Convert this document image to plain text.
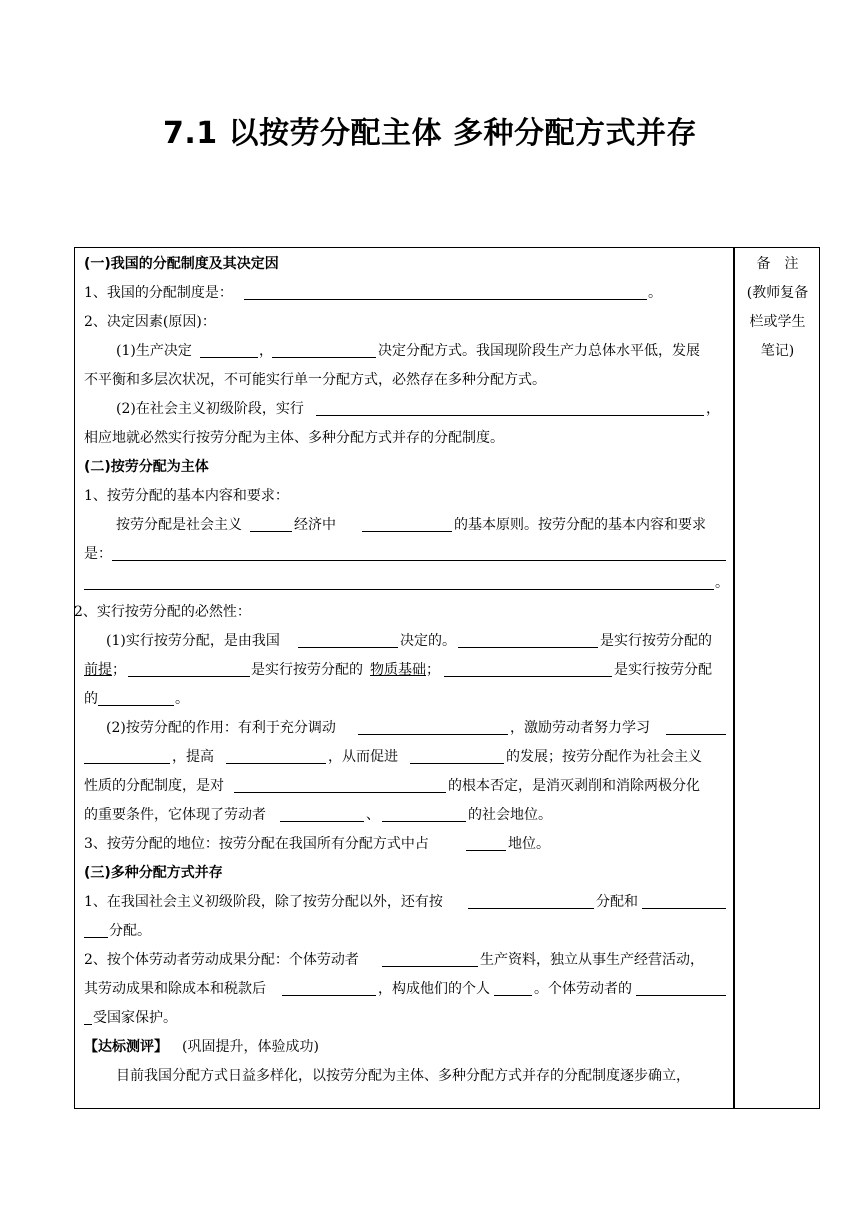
7.1 以按劳分配主体 多种分配方式并存
备　注
(教师复备
栏或学生
笔记)
(一)我国的分配制度及其决定因
1、我国的分配制度是：	。
2、决定因素(原因)：
(1)生产决定	，	决定分配方式。我国现阶段生产力总体水平低，发展
不平衡和多层次状况，不可能实行单一分配方式，必然存在多种分配方式。
(2)在社会主义初级阶段，实行	，
相应地就必然实行按劳分配为主体、多种分配方式并存的分配制度。
(二)按劳分配为主体
1、按劳分配的基本内容和要求：
按劳分配是社会主义	经济中	的基本原则。按劳分配的基本内容和要求
是：
。
2、实行按劳分配的必然性：
(1)实行按劳分配，是由我国	决定的。	是实行按劳分配的
前提 ；	是实行按劳分配的 物质基础 ；	是实行按劳分配
的	。
(2)按劳分配的作用：有利于充分调动	，激励劳动者努力学习
，提高	，从而促进	的发展；按劳分配作为社会主义
性质的分配制度，是对	的根本否定，是消灭剥削和消除两极分化
的重要条件，它体现了劳动者	、	的社会地位。
3、按劳分配的地位：按劳分配在我国所有分配方式中占	地位。
(三)多种分配方式并存
1、在我国社会主义初级阶段，除了按劳分配以外，还有按	分配和
分配。
2、按个体劳动者劳动成果分配：个体劳动者	生产资料，独立从事生产经营活动，
其劳动成果和除成本和税款后	，构成他们的个人	。个体劳动者的
受国家保护。
【达标测评】 (巩固提升，体验成功)
目前我国分配方式日益多样化，以按劳分配为主体、多种分配方式并存的分配制度逐步确立，
